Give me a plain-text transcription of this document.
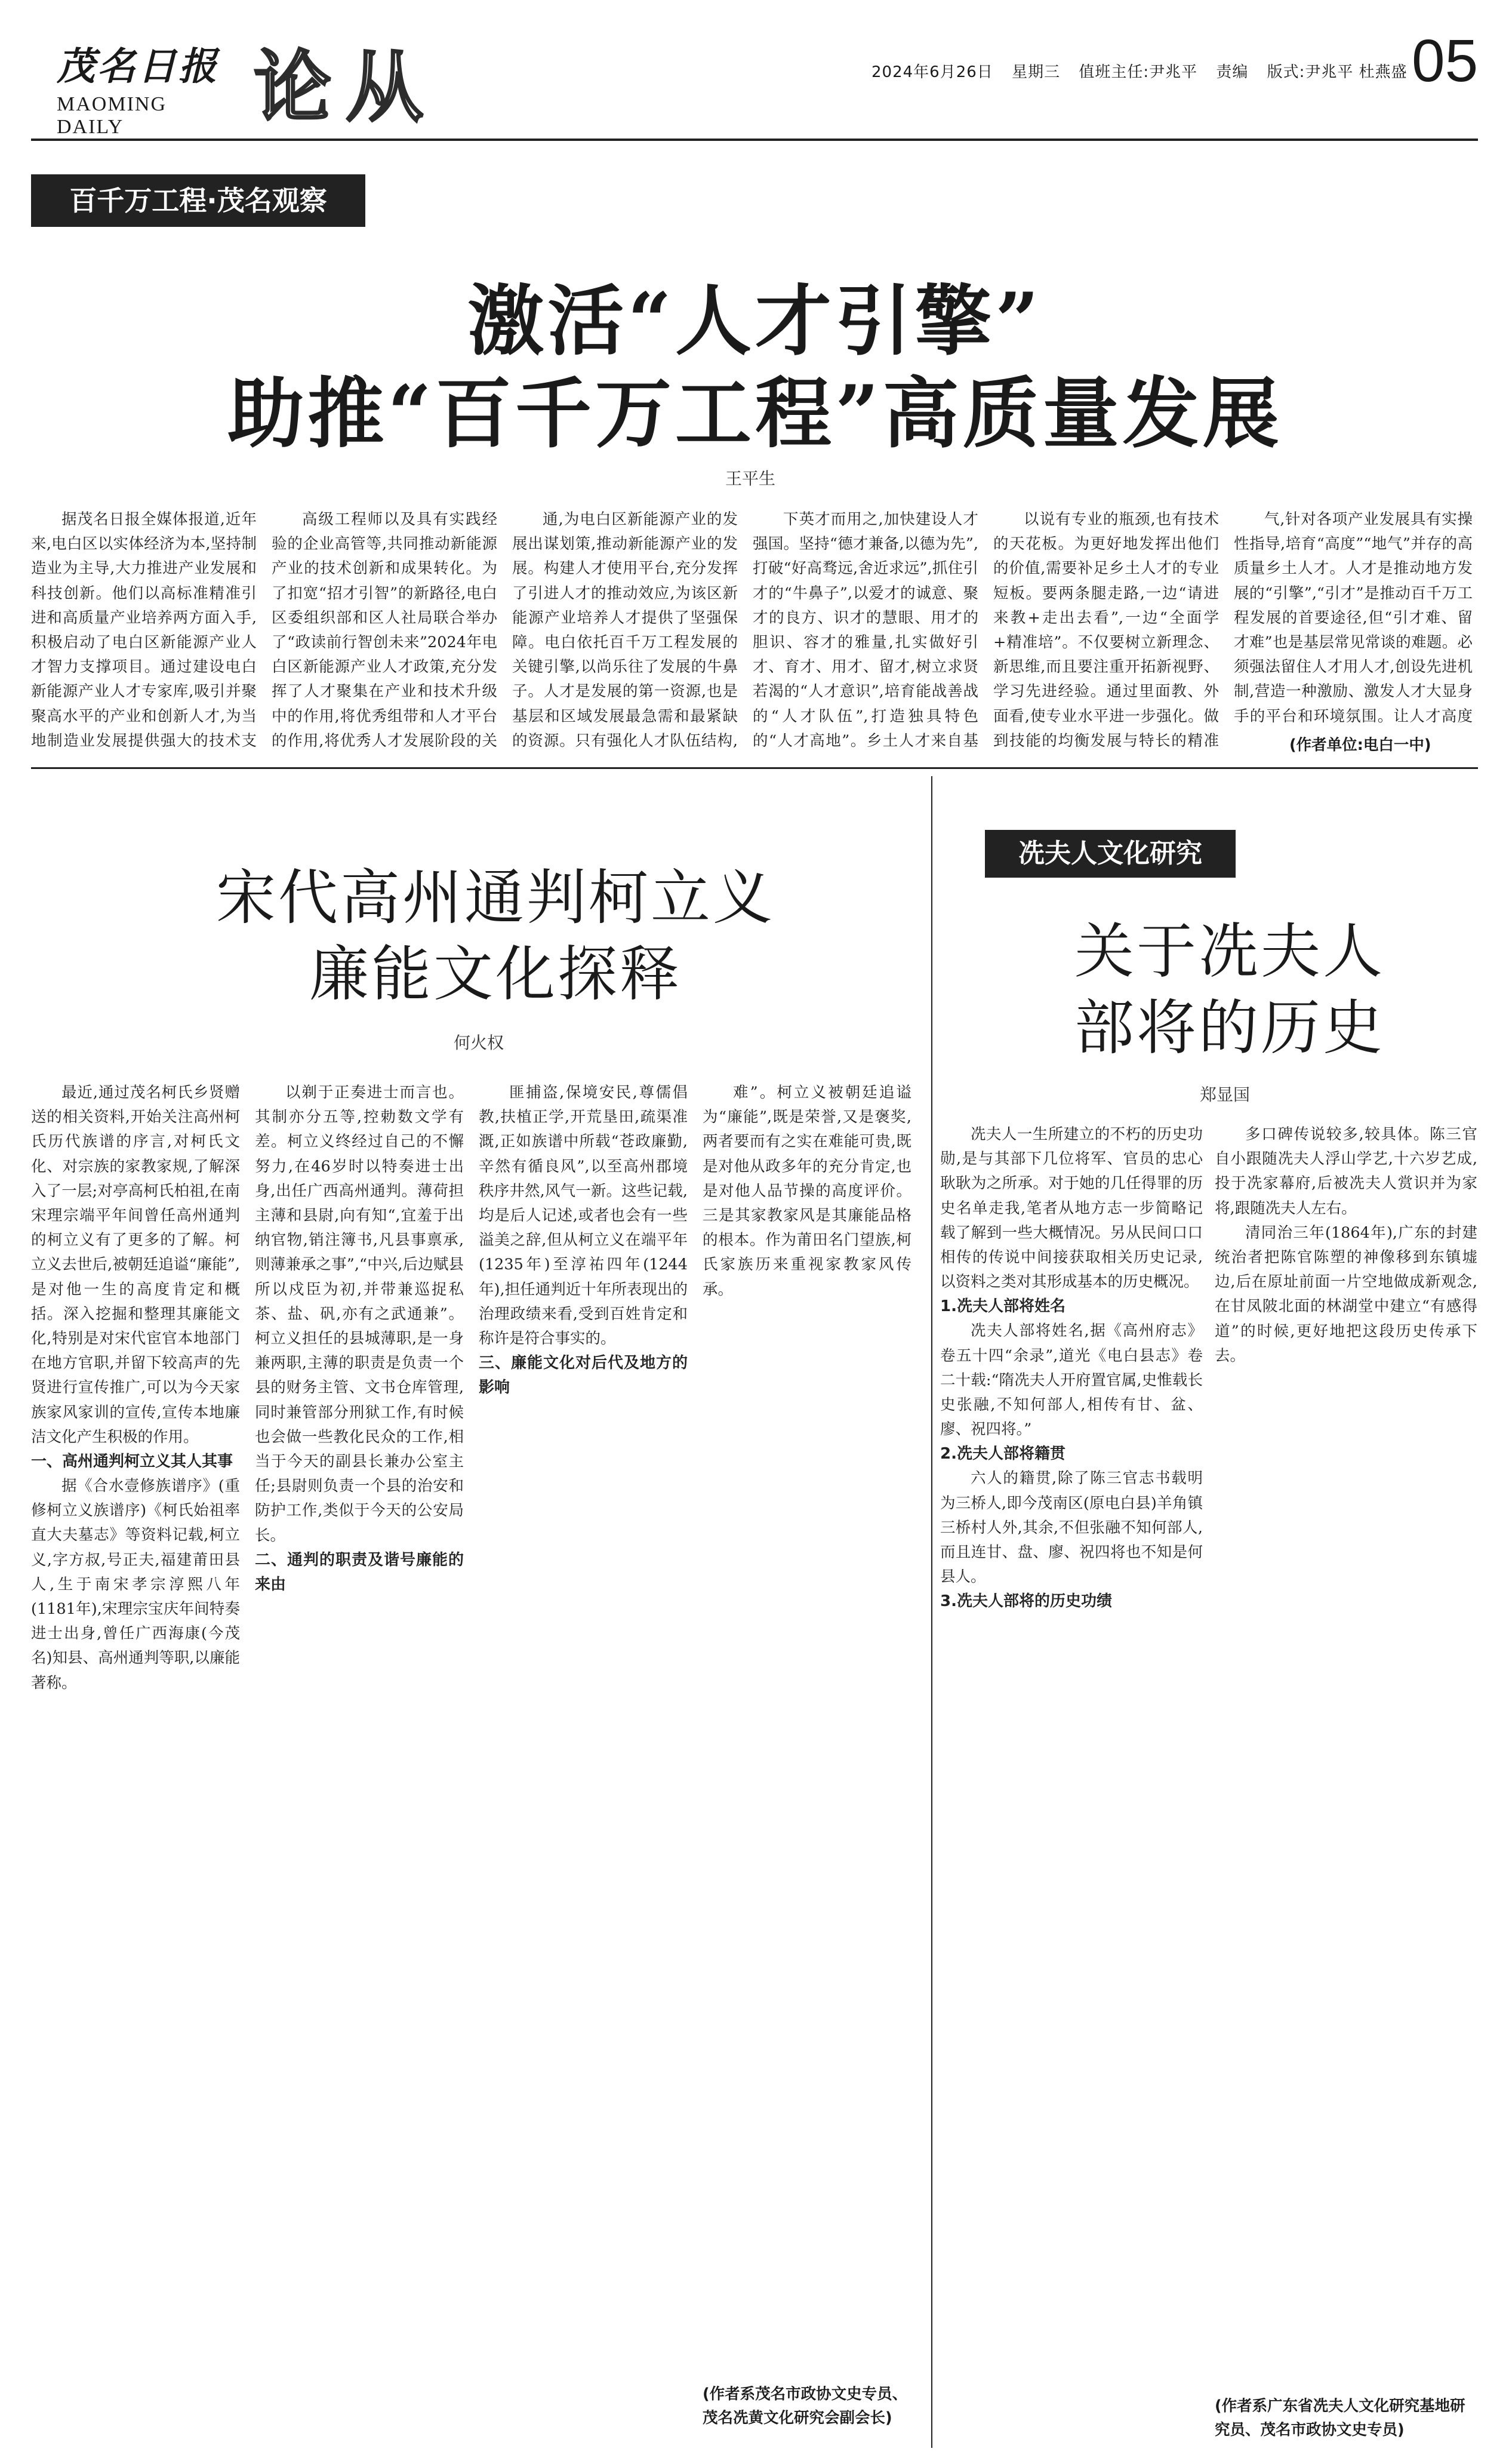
茂名日报
MAOMING DAILY	论从	2024年6月26日 星期三 值班主任:尹兆平 责编 版式:尹兆平 杜燕盛 05
百千万工程·茂名观察
激活“人才引擎”
助推“百千万工程”高质量发展
王平生

据茂名日报全媒体报道,近年来,电白区以实体经济为本,坚持制造业为主导,大力推进产业发展和科技创新。他们以高标准精准引进和高质量产业培养两方面入手,积极启动了电白区新能源产业人才智力支撑项目。通过建设电白新能源产业人才专家库,吸引并聚聚高水平的产业和创新人才,为当地制造业发展提供强大的技术支

高级工程师以及具有实践经验的企业高管等,共同推动新能源产业的技术创新和成果转化。为了扣宽“招才引智”的新路径,电白区委组织部和区人社局联合举办了“政读前行智创未来”2024年电白区新能源产业人才政策,充分发挥了人才聚集在产业和技术升级中的作用,将优秀组带和人才平台的作用,将优秀人才发展阶段的关

通,为电白区新能源产业的发展出谋划策,推动新能源产业的发展。构建人才使用平台,充分发挥了引进人才的推动效应,为该区新能源产业培养人才提供了坚强保障。电白依托百千万工程发展的关键引擎,以尚乐往了发展的牛鼻子。人才是发展的第一资源,也是基层和区域发展最急需和最紧缺的资源。只有强化人才队伍结构,

下英才而用之,加快建设人才强国。坚持“德才兼备,以德为先”,打破“好高骛远,舍近求远”,抓住引才的“牛鼻子”,以爱才的诚意、聚才的良方、识才的慧眼、用才的胆识、容才的雅量,扎实做好引才、育才、用才、留才,树立求贤若渴的“人才意识”,培育能战善战的“人才队伍”,打造独具特色的“人才高地”。乡土人才来自基

以说有专业的瓶颈,也有技术的天花板。为更好地发挥出他们的价值,需要补足乡土人才的专业短板。要两条腿走路,一边“请进来教+走出去看”,一边“全面学+精准培”。不仅要树立新理念、新思维,而且要注重开拓新视野、学习先进经验。通过里面教、外面看,使专业水平进一步强化。做到技能的均衡发展与特长的精准

气,针对各项产业发展具有实操性指导,培育“高度”“地气”并存的高质量乡土人才。人才是推动地方发展的“引擎”,“引才”是推动百千万工程发展的首要途径,但“引才难、留才难”也是基层常见常谈的难题。必须强法留住人才用人才,创设先进机制,营造一种激励、激发人才大显身手的平台和环境氛围。让人才高度

(作者单位:电白一中)
宋代高州通判柯立义
廉能文化探释
何火权

最近,通过茂名柯氏乡贤赠送的相关资料,开始关注高州柯氏历代族谱的序言,对柯氏文化、对宗族的家教家规,了解深入了一层;对亭高柯氏柏祖,在南宋理宗端平年间曾任高州通判的柯立义有了更多的了解。柯立义去世后,被朝廷追谥“廉能”,是对他一生的高度肯定和概括。深入挖掘和整理其廉能文化,特别是对宋代宦官本地部门在地方官职,并留下较高声的先贤进行宣传推广,可以为今天家族家风家训的宣传,宣传本地廉洁文化产生积极的作用。

一、高州通判柯立义其人其事

据《合水壹修族谱序》(重修柯立义族谱序)《柯氏始祖率直大夫墓志》等资料记载,柯立义,字方叔,号正夫,福建莆田县人,生于南宋孝宗淳熙八年(1181年),宋理宗宝庆年间特奏进士出身,曾任广西海康(今茂名)知县、高州通判等职,以廉能著称。

以剃于正奏进士而言也。其制亦分五等,控勅数文学有差。柯立义终经过自己的不懈努力,在46岁时以特奏进士出身,出任广西高州通判。薄荷担主薄和县尉,向有知“,宜羞于出纳官物,销注簿书,凡县事禀承,则薄兼承之事”,“中兴,后边赋县所以戍臣为初,并带兼巡捉私茶、盐、矾,亦有之武通兼”。柯立义担任的县城薄职,是一身兼两职,主薄的职责是负责一个县的财务主管、文书仓库管理,同时兼管部分刑狱工作,有时候也会做一些教化民众的工作,相当于今天的副县长兼办公室主任;县尉则负责一个县的治安和防护工作,类似于今天的公安局长。

二、通判的职责及谐号廉能的来由

匪捕盗,保境安民,尊儒倡教,扶植正学,开荒垦田,疏渠准溉,正如族谱中所载“苍政廉勤,辛然有循良风”,以至高州郡境秩序井然,风气一新。这些记载,均是后人记述,或者也会有一些溢美之辞,但从柯立义在端平年(1235年)至淳祐四年(1244年),担任通判近十年所表现出的治理政绩来看,受到百姓肯定和称许是符合事实的。

三、廉能文化对后代及地方的影响

难”。柯立义被朝廷追谥为“廉能”,既是荣誉,又是褒奖,两者要而有之实在难能可贵,既是对他从政多年的充分肯定,也是对他人品节操的高度评价。三是其家教家风是其廉能品格的根本。作为莆田名门望族,柯氏家族历来重视家教家风传承。

(作者系茂名市政协文史专员、茂名冼黄文化研究会副会长)
冼夫人文化研究
关于冼夫人
部将的历史
郑显国

冼夫人一生所建立的不朽的历史功勋,是与其部下几位将军、官员的忠心耿耿为之所承。对于她的几任得罪的历史名单走我,笔者从地方志一步简略记载了解到一些大概情况。另从民间口口相传的传说中间接获取相关历史记录,以资料之类对其形成基本的历史概况。

1.冼夫人部将姓名

冼夫人部将姓名,据《高州府志》卷五十四“余录”,道光《电白县志》卷二十载:“隋冼夫人开府置官属,史惟载长史张融,不知何部人,相传有甘、盆、廖、祝四将。”

2.冼夫人部将籍贯

六人的籍贯,除了陈三官志书载明为三桥人,即今茂南区(原电白县)羊角镇三桥村人外,其余,不但张融不知何部人,而且连甘、盘、廖、祝四将也不知是何县人。

3.冼夫人部将的历史功绩

多口碑传说较多,较具体。陈三官自小跟随冼夫人浮山学艺,十六岁艺成,投于冼家幕府,后被冼夫人赏识并为家将,跟随冼夫人左右。

清同治三年(1864年),广东的封建统治者把陈官陈塑的神像移到东镇墟边,后在原址前面一片空地做成新观念,在甘凤陂北面的林湖堂中建立“有感得道”的时候,更好地把这段历史传承下去。

(作者系广东省冼夫人文化研究基地研究员、茂名市政协文史专员)
